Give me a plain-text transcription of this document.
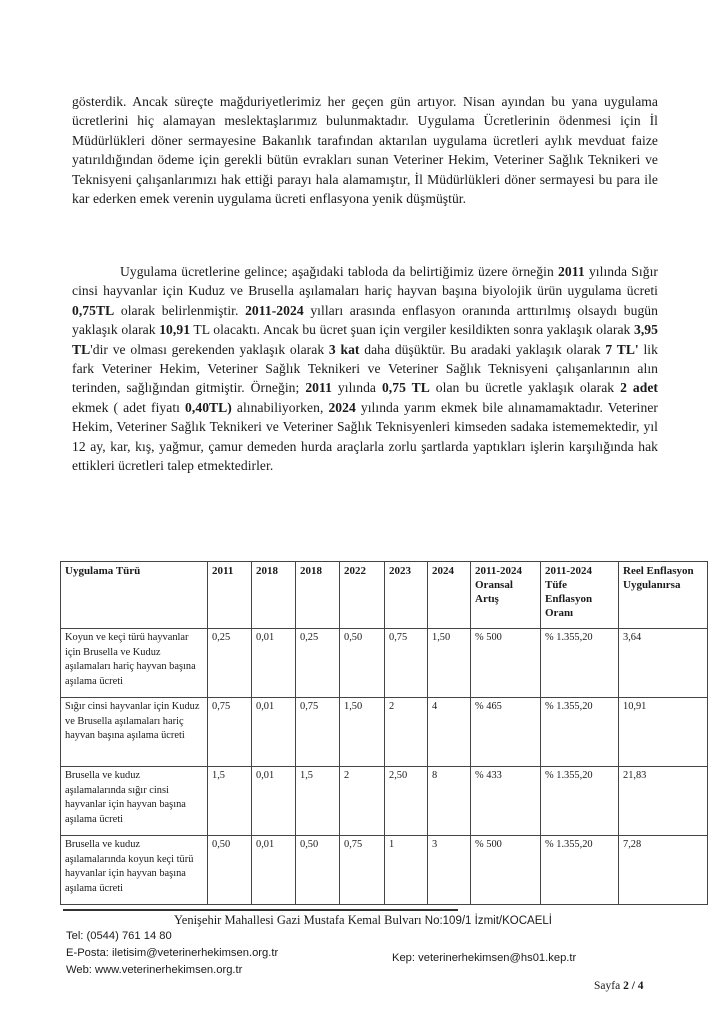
gösterdik. Ancak süreçte mağduriyetlerimiz her geçen gün artıyor. Nisan ayından bu yana uygulama ücretlerini hiç alamayan meslektaşlarımız bulunmaktadır. Uygulama Ücretlerinin ödenmesi için İl Müdürlükleri döner sermayesine Bakanlık tarafından aktarılan uygulama ücretleri aylık mevduat faize yatırıldığından ödeme için gerekli bütün evrakları sunan Veteriner Hekim, Veteriner Sağlık Teknikeri ve Teknisyeni çalışanlarımızı hak ettiği parayı hala alamamıştır, İl Müdürlükleri döner sermayesi bu para ile kar ederken emek verenin uygulama ücreti enflasyona yenik düşmüştür.
Uygulama ücretlerine gelince; aşağıdaki tabloda da belirtiğimiz üzere örneğin 2011 yılında Sığır cinsi hayvanlar için Kuduz ve Brusella aşılamaları hariç hayvan başına biyolojik ürün uygulama ücreti 0,75TL olarak belirlenmiştir. 2011-2024 yılları arasında enflasyon oranında arttırılmış olsaydı bugün yaklaşık olarak 10,91 TL olacaktı. Ancak bu ücret şuan için vergiler kesildikten sonra yaklaşık olarak 3,95 TL'dir ve olması gerekenden yaklaşık olarak 3 kat daha düşüktür. Bu aradaki yaklaşık olarak 7 TL' lik fark Veteriner Hekim, Veteriner Sağlık Teknikeri ve Veteriner Sağlık Teknisyeni çalışanlarının alın terinden, sağlığından gitmiştir. Örneğin; 2011 yılında 0,75 TL olan bu ücretle yaklaşık olarak 2 adet ekmek ( adet fiyatı 0,40TL) alınabiliyorken, 2024 yılında yarım ekmek bile alınamamaktadır. Veteriner Hekim, Veteriner Sağlık Teknikeri ve Veteriner Sağlık Teknisyenleri kimseden sadaka istememektedir, yıl 12 ay, kar, kış, yağmur, çamur demeden hurda araçlarla zorlu şartlarda yaptıkları işlerin karşılığında hak ettikleri ücretleri talep etmektedirler.
Uygulama Türü	2011	2018	2018	2022	2023	2024	2011-2024 Oransal Artış	2011-2024 Tüfe Enflasyon Oranı	Reel Enflasyon Uygulanırsa
Koyun ve keçi türü hayvanlar için Brusella ve Kuduz aşılamaları hariç hayvan başına aşılama ücreti	0,25	0,01	0,25	0,50	0,75	1,50	% 500	% 1.355,20	3,64
Sığır cinsi hayvanlar için Kuduz ve Brusella aşılamaları hariç hayvan başına aşılama ücreti	0,75	0,01	0,75	1,50	2	4	% 465	% 1.355,20	10,91
Brusella ve kuduz aşılamalarında sığır cinsi hayvanlar için hayvan başına aşılama ücreti	1,5	0,01	1,5	2	2,50	8	% 433	% 1.355,20	21,83
Brusella ve kuduz aşılamalarında koyun keçi türü hayvanlar için hayvan başına aşılama ücreti	0,50	0,01	0,50	0,75	1	3	% 500	% 1.355,20	7,28
Yenişehir Mahallesi Gazi Mustafa Kemal Bulvarı No:109/1 İzmit/KOCAELİ
Tel: (0544) 761 14 80
E-Posta: iletisim@veterinerhekimsen.org.tr
Web: www.veterinerhekimsen.org.tr
Kep: veterinerhekimsen@hs01.kep.tr
Sayfa 2 / 4
